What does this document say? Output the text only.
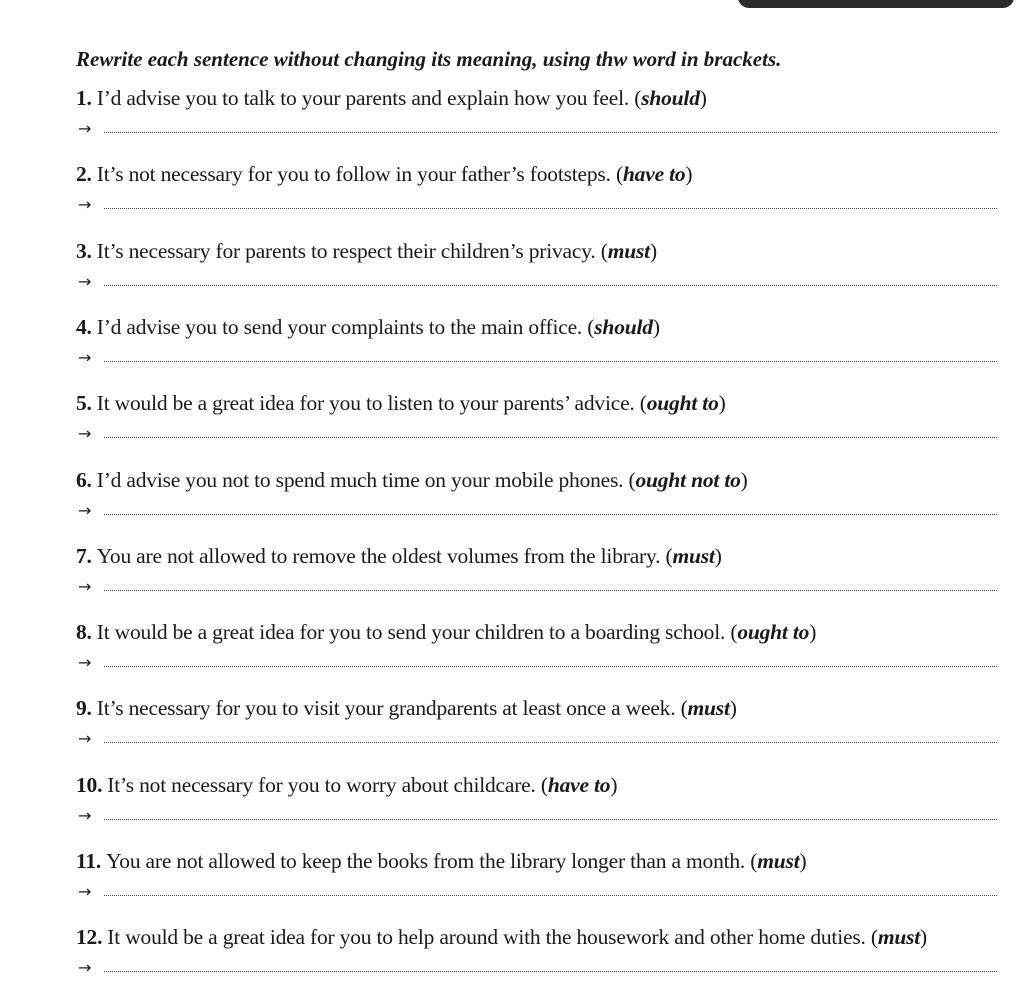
Rewrite each sentence without changing its meaning, using thw word in brackets.
1. I’d advise you to talk to your parents and explain how you feel. (should)
→
2. It’s not necessary for you to follow in your father’s footsteps. (have to)
→
3. It’s necessary for parents to respect their children’s privacy. (must)
→
4. I’d advise you to send your complaints to the main office. (should)
→
5. It would be a great idea for you to listen to your parents’ advice. (ought to)
→
6. I’d advise you not to spend much time on your mobile phones. (ought not to)
→
7. You are not allowed to remove the oldest volumes from the library. (must)
→
8. It would be a great idea for you to send your children to a boarding school. (ought to)
→
9. It’s necessary for you to visit your grandparents at least once a week. (must)
→
10. It’s not necessary for you to worry about childcare. (have to)
→
11. You are not allowed to keep the books from the library longer than a month. (must)
→
12. It would be a great idea for you to help around with the housework and other home duties. (must)
→
